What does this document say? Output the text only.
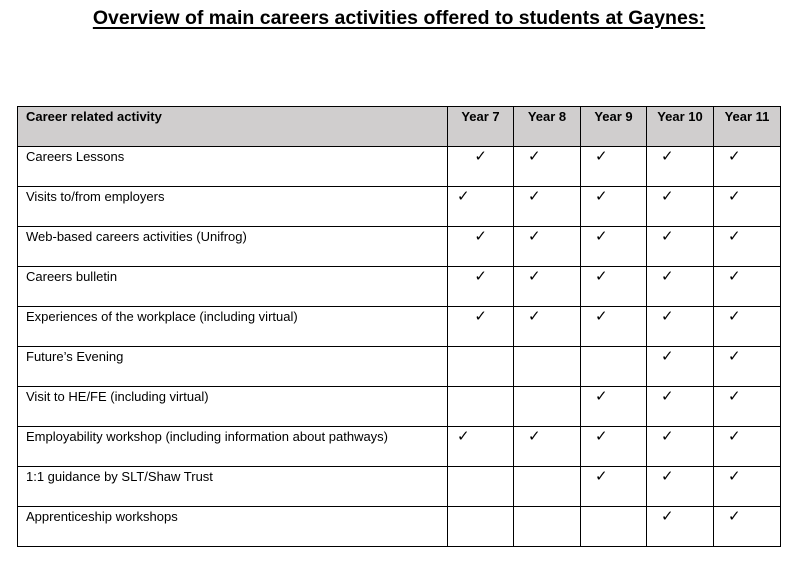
Overview of main careers activities offered to students at Gaynes:
Career related activity	Year 7	Year 8	Year 9	Year 10	Year 11
Careers Lessons	✓	✓	✓	✓	✓

Visits to/from employers	✓	✓	✓	✓	✓

Web-based careers activities (Unifrog)	✓	✓	✓	✓	✓

Careers bulletin	✓	✓	✓	✓	✓

Experiences of the workplace (including virtual)	✓	✓	✓	✓	✓

Future’s Evening				✓	✓

Visit to HE/FE (including virtual)			✓	✓	✓

Employability workshop (including information about pathways)	✓	✓	✓	✓	✓

1:1 guidance by SLT/Shaw Trust			✓	✓	✓

Apprenticeship workshops				✓	✓
